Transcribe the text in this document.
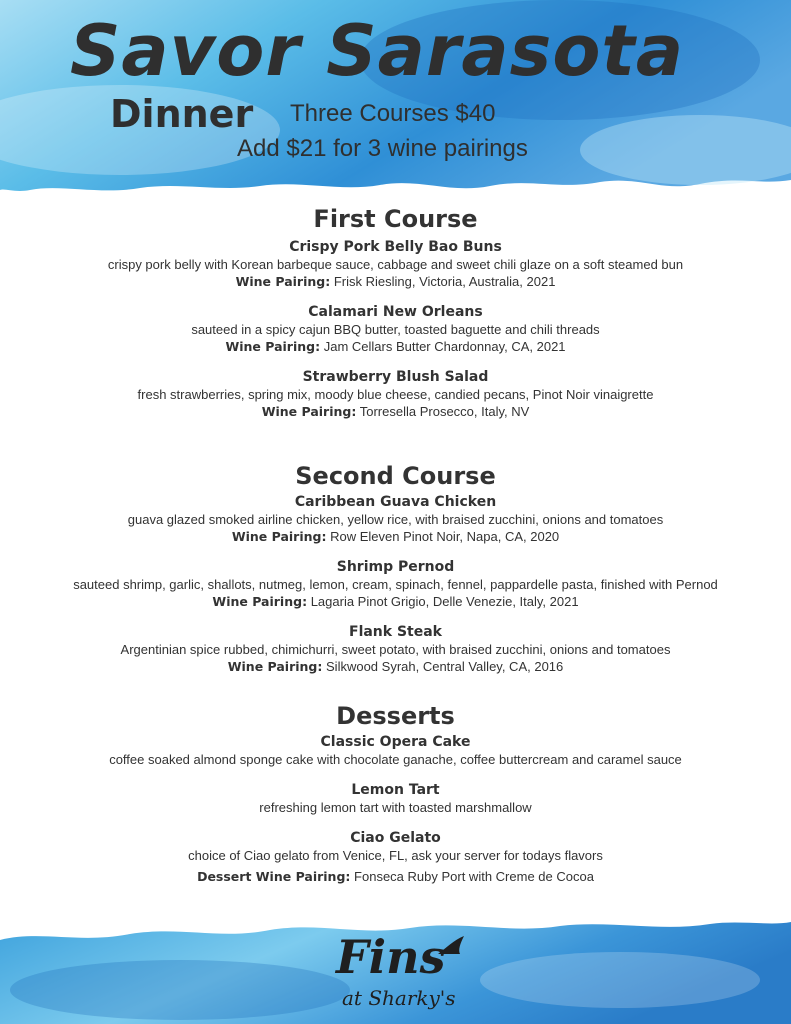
Savor Sarasota
Dinner Three Courses $40
Add $21 for 3 wine pairings
First Course
Crispy Pork Belly Bao Buns
crispy pork belly with Korean barbeque sauce, cabbage and sweet chili glaze on a soft steamed bun
Wine Pairing: Frisk Riesling, Victoria, Australia, 2021
Calamari New Orleans
sauteed in a spicy cajun BBQ butter, toasted baguette and chili threads
Wine Pairing: Jam Cellars Butter Chardonnay, CA, 2021
Strawberry Blush Salad
fresh strawberries, spring mix, moody blue cheese, candied pecans, Pinot Noir vinaigrette
Wine Pairing: Torresella Prosecco, Italy, NV
Second Course
Caribbean Guava Chicken
guava glazed smoked airline chicken, yellow rice, with braised zucchini, onions and tomatoes
Wine Pairing: Row Eleven Pinot Noir, Napa, CA, 2020
Shrimp Pernod
sauteed shrimp, garlic, shallots, nutmeg, lemon, cream, spinach, fennel, pappardelle pasta, finished with Pernod
Wine Pairing: Lagaria Pinot Grigio, Delle Venezie, Italy, 2021
Flank Steak
Argentinian spice rubbed, chimichurri, sweet potato, with braised zucchini, onions and tomatoes
Wine Pairing: Silkwood Syrah, Central Valley, CA, 2016
Desserts
Classic Opera Cake
coffee soaked almond sponge cake with chocolate ganache, coffee buttercream and caramel sauce
Lemon Tart
refreshing lemon tart with toasted marshmallow
Ciao Gelato
choice of Ciao gelato from Venice, FL, ask your server for todays flavors
Dessert Wine Pairing: Fonseca Ruby Port with Creme de Cocoa
Fins
at Sharky's
